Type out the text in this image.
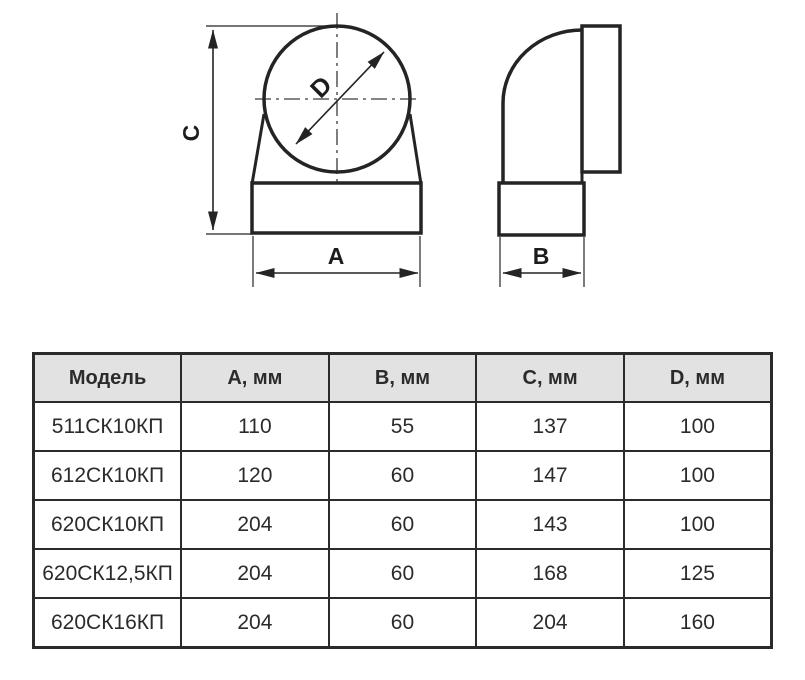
C
D
A	B
Модель	А, мм	В, мм	С, мм	D, мм
511СК10КП	110	55	137	100
612СК10КП	120	60	147	100
620СК10КП	204	60	143	100
620СК12,5КП	204	60	168	125
620СК16КП	204	60	204	160
